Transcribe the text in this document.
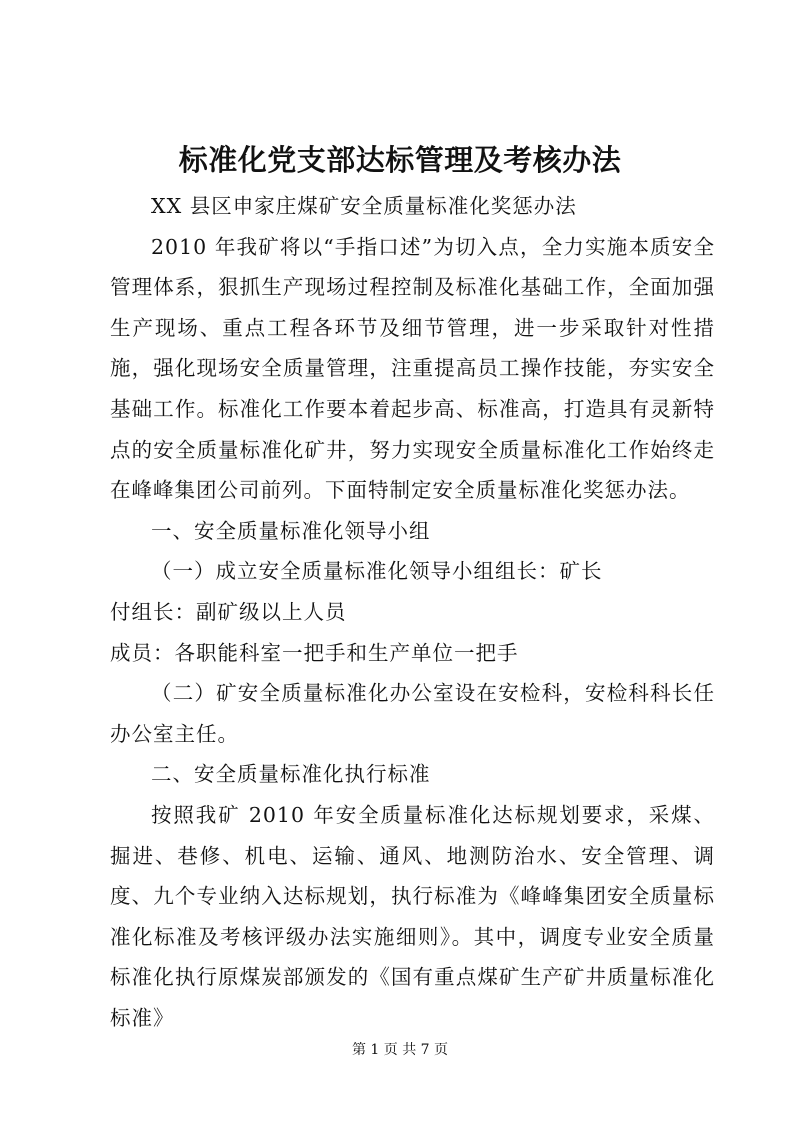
标准化党支部达标管理及考核办法

XX 县区申家庄煤矿安全质量标准化奖惩办法

2010 年我矿将以“手指口述”为切入点，全力实施本质安全管理体系，狠抓生产现场过程控制及标准化基础工作，全面加强生产现场、重点工程各环节及细节管理，进一步采取针对性措施，强化现场安全质量管理，注重提高员工操作技能，夯实安全基础工作。标准化工作要本着起步高、标准高，打造具有灵新特点的安全质量标准化矿井，努力实现安全质量标准化工作始终走在峰峰集团公司前列。下面特制定安全质量标准化奖惩办法。

一、安全质量标准化领导小组

（一）成立安全质量标准化领导小组组长：矿长

付组长：副矿级以上人员

成员：各职能科室一把手和生产单位一把手

（二）矿安全质量标准化办公室设在安检科，安检科科长任办公室主任。

二、安全质量标准化执行标准

按照我矿 2010 年安全质量标准化达标规划要求，采煤、掘进、巷修、机电、运输、通风、地测防治水、安全管理、调度、九个专业纳入达标规划，执行标准为《峰峰集团安全质量标准化标准及考核评级办法实施细则》。其中，调度专业安全质量标准化执行原煤炭部颁发的《国有重点煤矿生产矿井质量标准化标准》

第 1 页 共 7 页
